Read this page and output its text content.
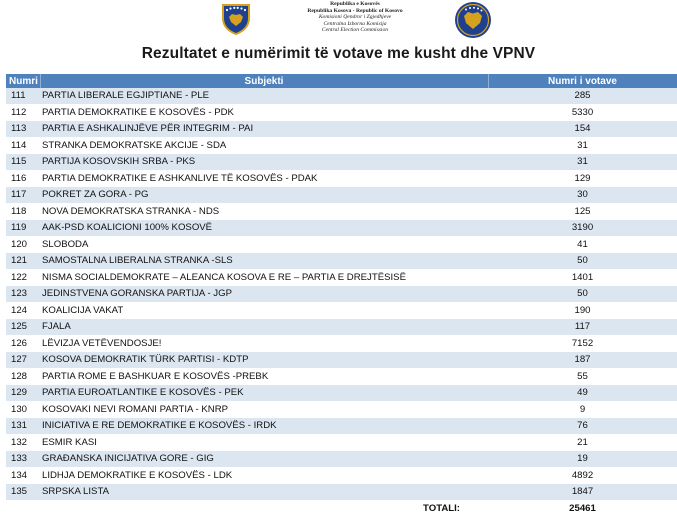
Republika e Kosovës
Republika Kosova - Republic of Kosovo
Komisioni Qendror i Zgjedhjeve
Centralna Izborna Komisija
Central Election Commission
Rezultatet e numërimit të votave me kusht dhe VPNV
Numri	Subjekti	Numri i votave
111	PARTIA LIBERALE EGJIPTIANE - PLE	285
112	PARTIA DEMOKRATIKE E KOSOVËS - PDK	5330
113	PARTIA E ASHKALINJËVE PËR INTEGRIM - PAI	154
114	STRANKA DEMOKRATSKE AKCIJE - SDA	31
115	PARTIJA KOSOVSKIH SRBA - PKS	31
116	PARTIA DEMOKRATIKE E ASHKANLIVE TË KOSOVËS - PDAK	129
117	POKRET ZA GORA - PG	30
118	NOVA DEMOKRATSKA STRANKA - NDS	125
119	AAK-PSD KOALICIONI 100% KOSOVË	3190
120	SLOBODA	41
121	SAMOSTALNA LIBERALNA STRANKA -SLS	50
122	NISMA SOCIALDEMOKRATE – ALEANCA KOSOVA E RE – PARTIA E DREJTËSISË	1401
123	JEDINSTVENA GORANSKA PARTIJA - JGP	50
124	KOALICIJA VAKAT	190
125	FJALA	117
126	LËVIZJA VETËVENDOSJE!	7152
127	KOSOVA DEMOKRATIK TÜRK PARTISI - KDTP	187
128	PARTIA ROME E BASHKUAR E KOSOVËS -PREBK	55
129	PARTIA EUROATLANTIKE E KOSOVËS - PEK	49
130	KOSOVAKI NEVI ROMANI PARTIA - KNRP	9
131	INICIATIVA E RE DEMOKRATIKE E KOSOVËS - IRDK	76
132	ESMIR KASI	21
133	GRAĐANSKA INICIJATIVA GORE - GIG	19
134	LIDHJA DEMOKRATIKE E KOSOVËS - LDK	4892
135	SRPSKA LISTA	1847
	TOTALI:	25461
